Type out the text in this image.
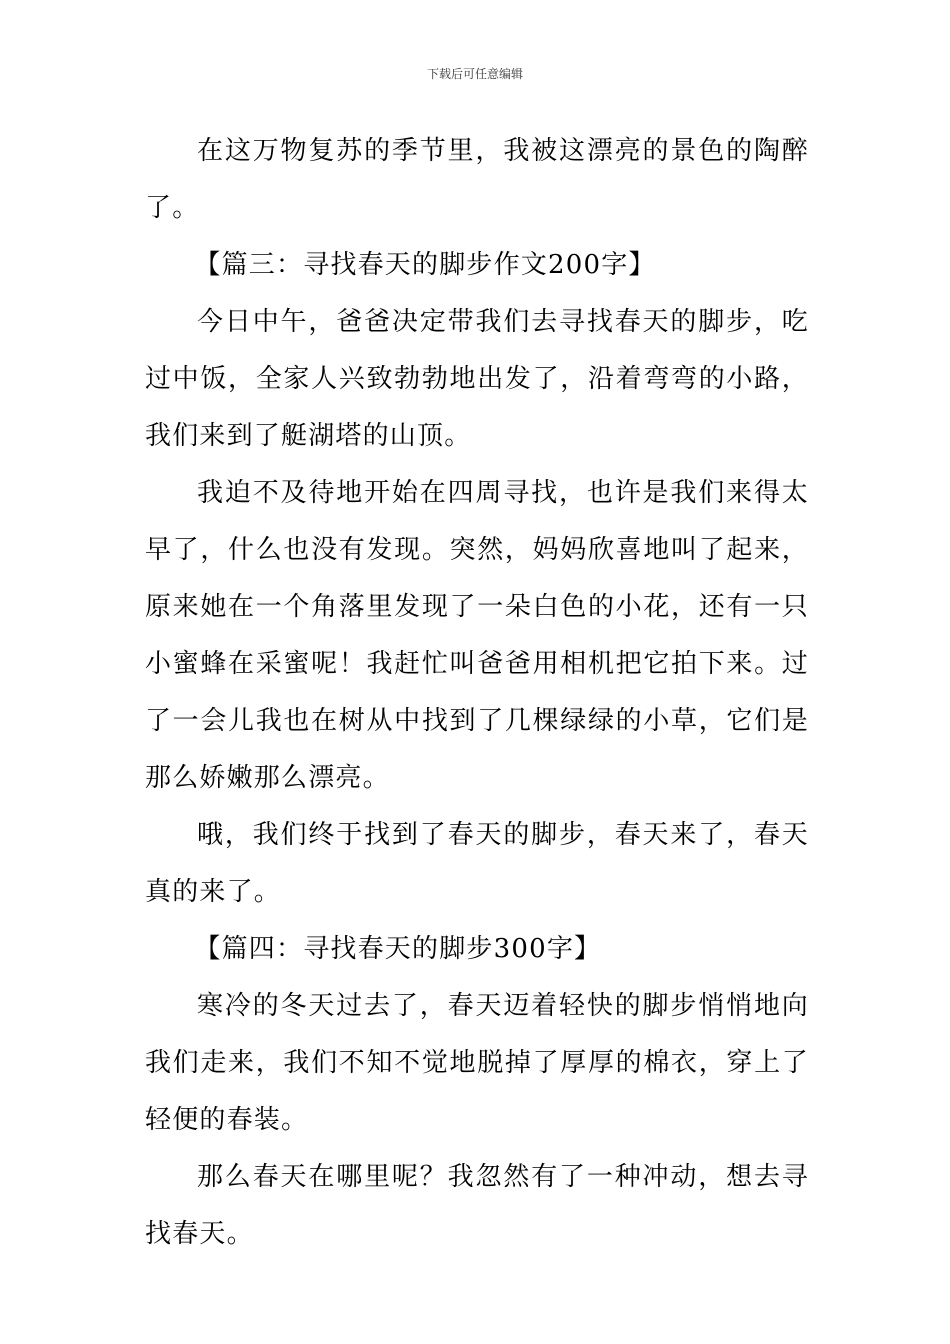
下载后可任意编辑

在这万物复苏的季节里，我被这漂亮的景色的陶醉了。

【篇三：寻找春天的脚步作文200字】

今日中午，爸爸决定带我们去寻找春天的脚步，吃过中饭，全家人兴致勃勃地出发了，沿着弯弯的小路，我们来到了艇湖塔的山顶。

我迫不及待地开始在四周寻找，也许是我们来得太早了，什么也没有发现。突然，妈妈欣喜地叫了起来，原来她在一个角落里发现了一朵白色的小花，还有一只小蜜蜂在采蜜呢！我赶忙叫爸爸用相机把它拍下来。过了一会儿我也在树从中找到了几棵绿绿的小草，它们是那么娇嫩那么漂亮。

哦，我们终于找到了春天的脚步，春天来了，春天真的来了。

【篇四：寻找春天的脚步300字】

寒冷的冬天过去了，春天迈着轻快的脚步悄悄地向我们走来，我们不知不觉地脱掉了厚厚的棉衣，穿上了轻便的春装。

那么春天在哪里呢？我忽然有了一种冲动，想去寻找春天。
